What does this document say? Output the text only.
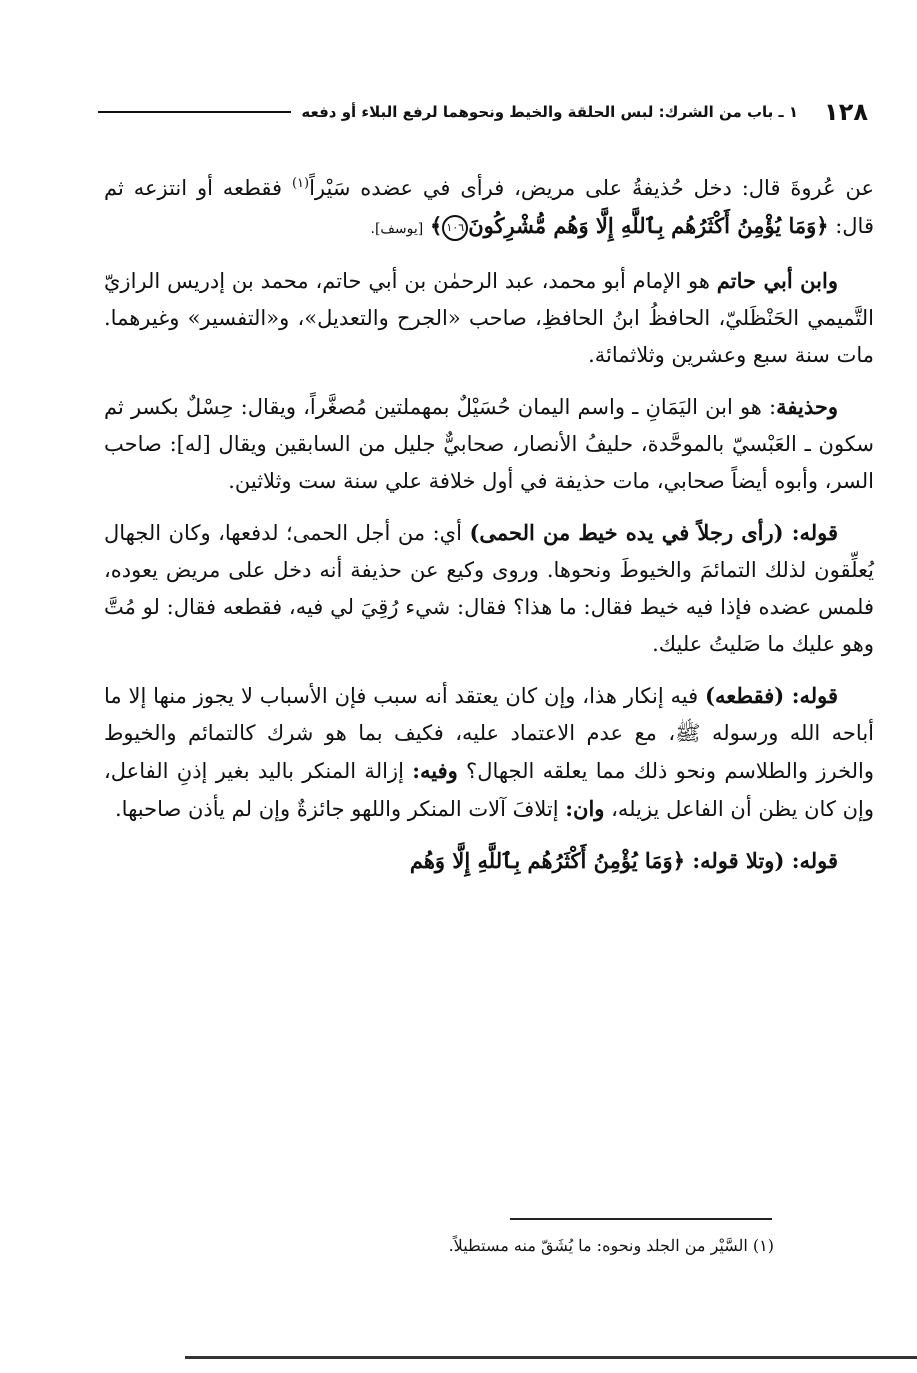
١٢٨
١ ـ باب من الشرك: لبس الحلقة والخيط ونحوهما لرفع البلاء أو دفعه

عن عُروةَ قال: دخل حُذيفةُ على مريض، فرأى في عضده سَيْراً$^{(١)}$ فقطعه أو انتزعه ثم قال: ﴿وَمَا يُؤْمِنُ أَكْثَرُهُم بِٱللَّهِ إِلَّا وَهُم مُّشْرِكُونَ١٠٦﴾ [يوسف].

وابن أبي حاتم هو الإمام أبو محمد، عبد الرحمٰن بن أبي حاتم، محمد بن إدريس الرازيّ التَّميمي الحَنْظَليّ، الحافظُ ابنُ الحافظِ، صاحب «الجرح والتعديل»، و«التفسير» وغيرهما. مات سنة سبع وعشرين وثلاثمائة.

وحذيفة: هو ابن اليَمَانِ ـ واسم اليمان حُسَيْلٌ بمهملتين مُصغَّراً، ويقال: حِسْلٌ بكسر ثم سكون ـ العَبْسيّ بالموحَّدة، حليفُ الأنصار، صحابيٌّ جليل من السابقين ويقال [له]: صاحب السر، وأبوه أيضاً صحابي، مات حذيفة في أول خلافة علي سنة ست وثلاثين.

قوله: (رأى رجلاً في يده خيط من الحمى) أي: من أجل الحمى؛ لدفعها، وكان الجهال يُعلِّقون لذلك التمائمَ والخيوطَ ونحوها. وروى وكيع عن حذيفة أنه دخل على مريض يعوده، فلمس عضده فإذا فيه خيط فقال: ما هذا؟ فقال: شيء رُقِيَ لي فيه، فقطعه فقال: لو مُتَّ وهو عليك ما صَليتُ عليك.

قوله: (فقطعه) فيه إنكار هذا، وإن كان يعتقد أنه سبب فإن الأسباب لا يجوز منها إلا ما أباحه الله ورسوله ﷺ، مع عدم الاعتماد عليه، فكيف بما هو شرك كالتمائم والخيوط والخرز والطلاسم ونحو ذلك مما يعلقه الجهال؟ وفيه: إزالة المنكر باليد بغير إذنِ الفاعل، وإن كان يظن أن الفاعل يزيله، وان: إتلافَ آلات المنكر واللهو جائزةٌ وإن لم يأذن صاحبها.

قوله: (وتلا قوله: ﴿وَمَا يُؤْمِنُ أَكْثَرُهُم بِٱللَّهِ إِلَّا وَهُم

(١) السَّيْر من الجلد ونحوه: ما يُشَقّ منه مستطيلاً.
